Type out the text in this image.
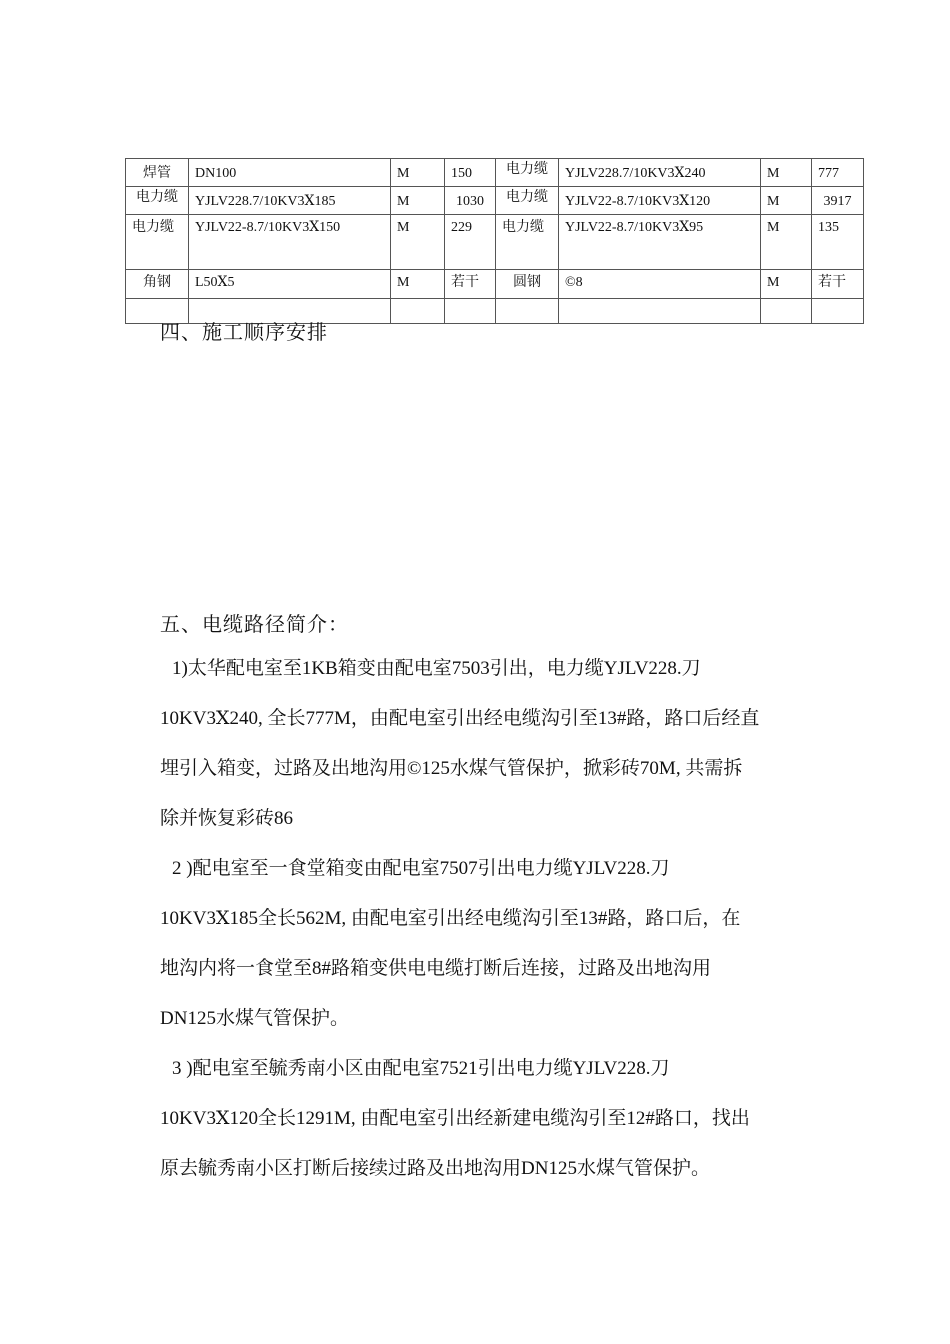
焊管	DN100	M	150	电力缆	YJLV228.7/10KV3Ⅹ240	M	777

电力缆	YJLV228.7/10KV3Ⅹ185	M	1030	电力缆	YJLV22-8.7/10KV3Ⅹ120	M	3917

电力缆	YJLV22-8.7/10KV3Ⅹ150	M	229	电力缆	YJLV22-8.7/10KV3Ⅹ95	M	135

角钢	L50Ⅹ5	M	若干	圆钢	©8	M	若干

四、施工顺序安排
五、电缆路径简介：

1)太华配电室至1KB箱变由配电室7503引出，电力缆YJLV228.刀

10KV3Ⅹ240, 全长777M，由配电室引出经电缆沟引至13#路，路口后经直

埋引入箱变，过路及出地沟用©125水煤气管保护，掀彩砖70M, 共需拆

除并恢复彩砖86

2 )配电室至一食堂箱变由配电室7507引出电力缆YJLV228.刀

10KV3Ⅹ185全长562M, 由配电室引出经电缆沟引至13#路，路口后，在

地沟内将一食堂至8#路箱变供电电缆打断后连接，过路及出地沟用

DN125水煤气管保护。

3 )配电室至毓秀南小区由配电室7521引出电力缆YJLV228.刀

10KV3Ⅹ120全长1291M, 由配电室引出经新建电缆沟引至12#路口，找出

原去毓秀南小区打断后接续过路及出地沟用DN125水煤气管保护。
